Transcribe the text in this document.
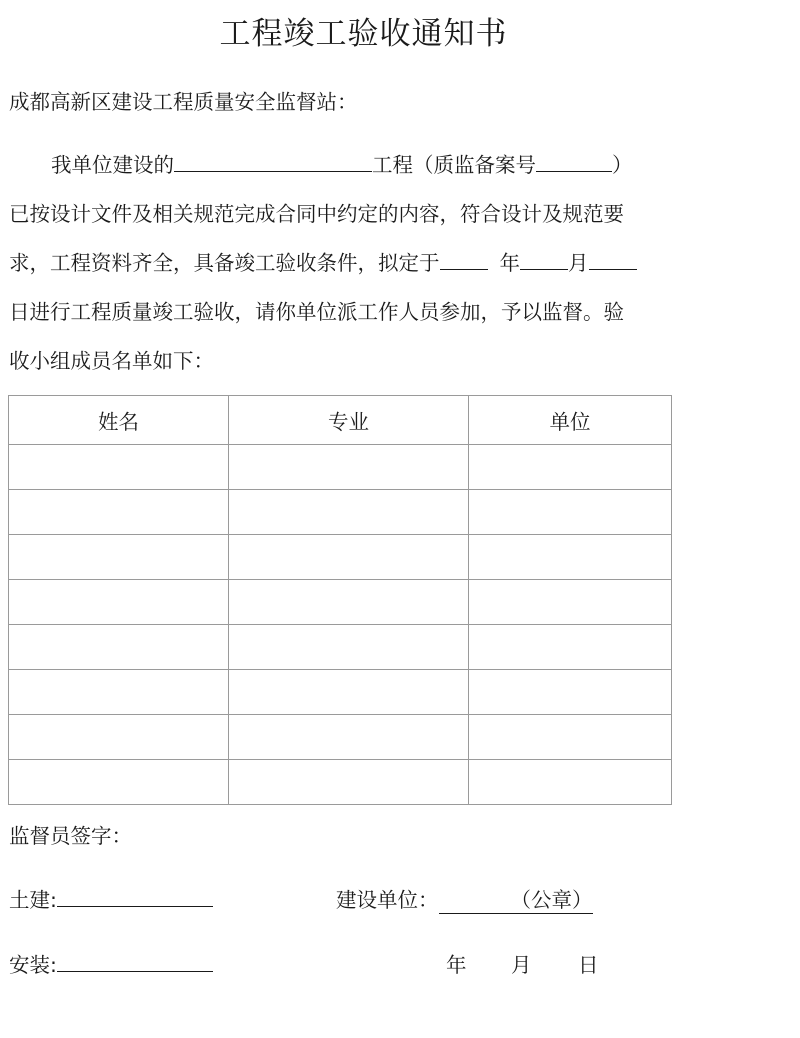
工程竣工验收通知书
成都高新区建设工程质量安全监督站：
我单位建设的	工程（质监备案号	）
已按设计文件及相关规范完成合同中约定的内容，符合设计及规范要
求，工程资料齐全，具备竣工验收条件，拟定于	年 月
日进行工程质量竣工验收，请你单位派工作人员参加，予以监督。验
收小组成员名单如下：
姓名	专业	单位

监督员签字：
土建:	建设单位：	（公章）
安装:	年 月 日
